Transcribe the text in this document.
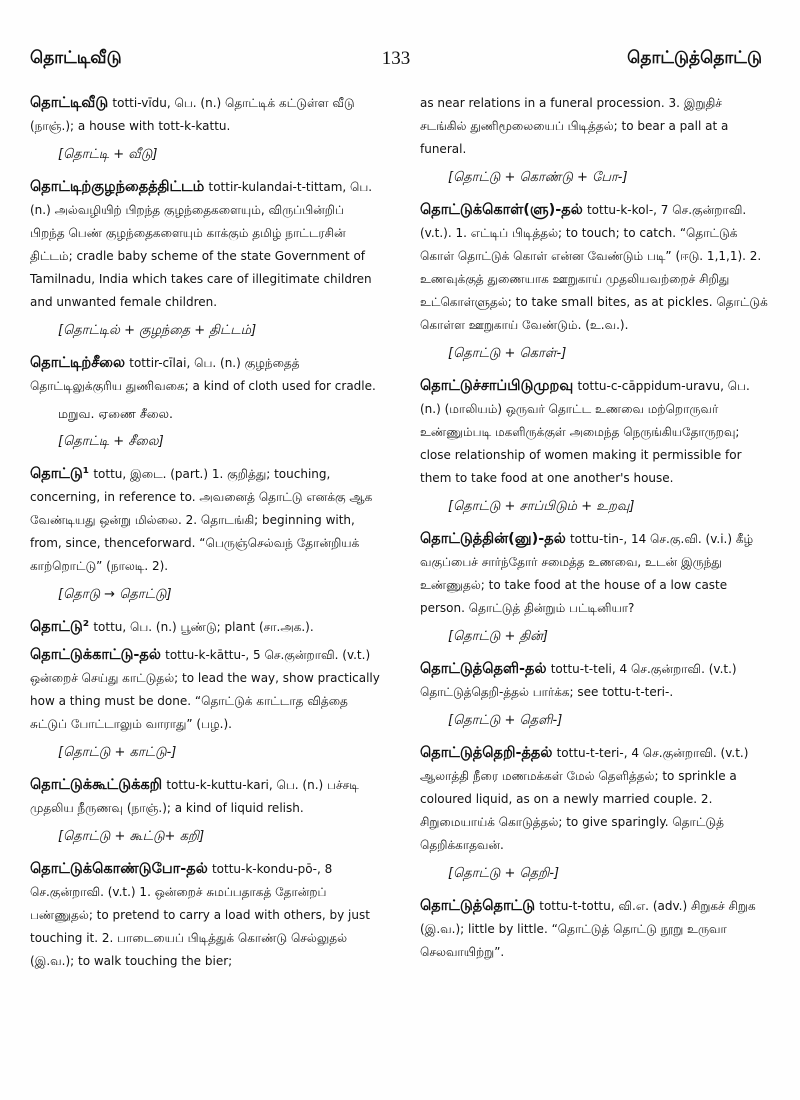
தொட்டிவீடு	133	தொட்டுத்தொட்டு
தொட்டிவீடு totti-vīdu, பெ. (n.) தொட்டிக் கட்டுள்ள வீடு (நாஞ்.); a house with tott-k-kattu.
[தொட்டி + வீடு]
தொட்டிற்குழந்தைத்திட்டம் tottir-kulandai-t-tittam, பெ. (n.) அல்வழியிற் பிறந்த குழந்தைகளையும், விருப்பின்றிப் பிறந்த பெண் குழந்தைகளையும் காக்கும் தமிழ் நாட்டரசின் திட்டம்; cradle baby scheme of the state Government of Tamilnadu, India which takes care of illegitimate children and unwanted female children.
[தொட்டில் + குழந்தை + திட்டம்]
தொட்டிற்சீலை tottir-cīlai, பெ. (n.) குழந்தைத் தொட்டிலுக்குரிய துணிவகை; a kind of cloth used for cradle.
மறுவ. ஏணை சீலை.
[தொட்டி + சீலை]
தொட்டு¹ tottu, இடை. (part.) 1. குறித்து; touching, concerning, in reference to. அவனைத் தொட்டு எனக்கு ஆக வேண்டியது ஒன்று மில்லை. 2. தொடங்கி; beginning with, from, since, thenceforward. “பெருஞ்செல்வந் தோன்றியக் காற்றொட்டு” (நாலடி. 2).
[தொடு → தொட்டு]
தொட்டு² tottu, பெ. (n.) பூண்டு; plant (சா.அக.).
தொட்டுக்காட்டு-தல் tottu-k-kāttu-, 5 செ.குன்றாவி. (v.t.) ஒன்றைச் செய்து காட்டுதல்; to lead the way, show practically how a thing must be done. “தொட்டுக் காட்டாத வித்தை சுட்டுப் போட்டாலும் வாராது” (பழ.).
[தொட்டு + காட்டு-]
தொட்டுக்கூட்டுக்கறி tottu-k-kuttu-kari, பெ. (n.) பச்சடி முதலிய நீருணவு (நாஞ்.); a kind of liquid relish.
[தொட்டு + கூட்டு+ கறி]
தொட்டுக்கொண்டுபோ-தல் tottu-k-kondu-pō-, 8 செ.குன்றாவி. (v.t.) 1. ஒன்றைச் சுமப்பதாகத் தோன்றப் பண்ணுதல்; to pretend to carry a load with others, by just touching it. 2. பாடையைப் பிடித்துக் கொண்டு செல்லுதல் (இ.வ.); to walk touching the bier;
as near relations in a funeral procession. 3. இறுதிச் சடங்கில் துணிமூலையைப் பிடித்தல்; to bear a pall at a funeral.
[தொட்டு + கொண்டு + போ-]
தொட்டுக்கொள்(ளு)-தல் tottu-k-kol-, 7 செ.குன்றாவி. (v.t.). 1. எட்டிப் பிடித்தல்; to touch; to catch. “தொட்டுக் கொள் தொட்டுக் கொள் என்ன வேண்டும் படி” (ஈடு. 1,1,1). 2. உணவுக்குத் துணையாக ஊறுகாய் முதலியவற்றைச் சிறிது உட்கொள்ளுதல்; to take small bites, as at pickles. தொட்டுக் கொள்ள ஊறுகாய் வேண்டும். (உ.வ.).
[தொட்டு + கொள்-]
தொட்டுச்சாப்பிடுமுறவு tottu-c-cāppidum-uravu, பெ. (n.) (மாலியம்) ஒருவர் தொட்ட உணவை மற்றொருவர் உண்ணும்படி மகளிருக்குள் அமைந்த நெருங்கியதோருறவு; close relationship of women making it permissible for them to take food at one another's house.
[தொட்டு + சாப்பிடும் + உறவு]
தொட்டுத்தின்(னு)-தல் tottu-tin-, 14 செ.கு.வி. (v.i.) கீழ் வகுப்பைச் சார்ந்தோர் சமைத்த உணவை, உடன் இருந்து உண்ணுதல்; to take food at the house of a low caste person. தொட்டுத் தின்றும் பட்டினியா?
[தொட்டு + தின்]
தொட்டுத்தெளி-தல் tottu-t-teli, 4 செ.குன்றாவி. (v.t.) தொட்டுத்தெறி-த்தல் பார்க்க; see tottu-t-teri-.
[தொட்டு + தெளி-]
தொட்டுத்தெறி-த்தல் tottu-t-teri-, 4 செ.குன்றாவி. (v.t.) ஆலாத்தி நீரை மணமக்கள் மேல் தெளித்தல்; to sprinkle a coloured liquid, as on a newly married couple. 2. சிறுமையாய்க் கொடுத்தல்; to give sparingly. தொட்டுத் தெறிக்காதவன்.
[தொட்டு + தெறி-]
தொட்டுத்தொட்டு tottu-t-tottu, வி.எ. (adv.) சிறுகச் சிறுக (இ.வ.); little by little. “தொட்டுத் தொட்டு நூறு உருவா செலவாயிற்று”.
